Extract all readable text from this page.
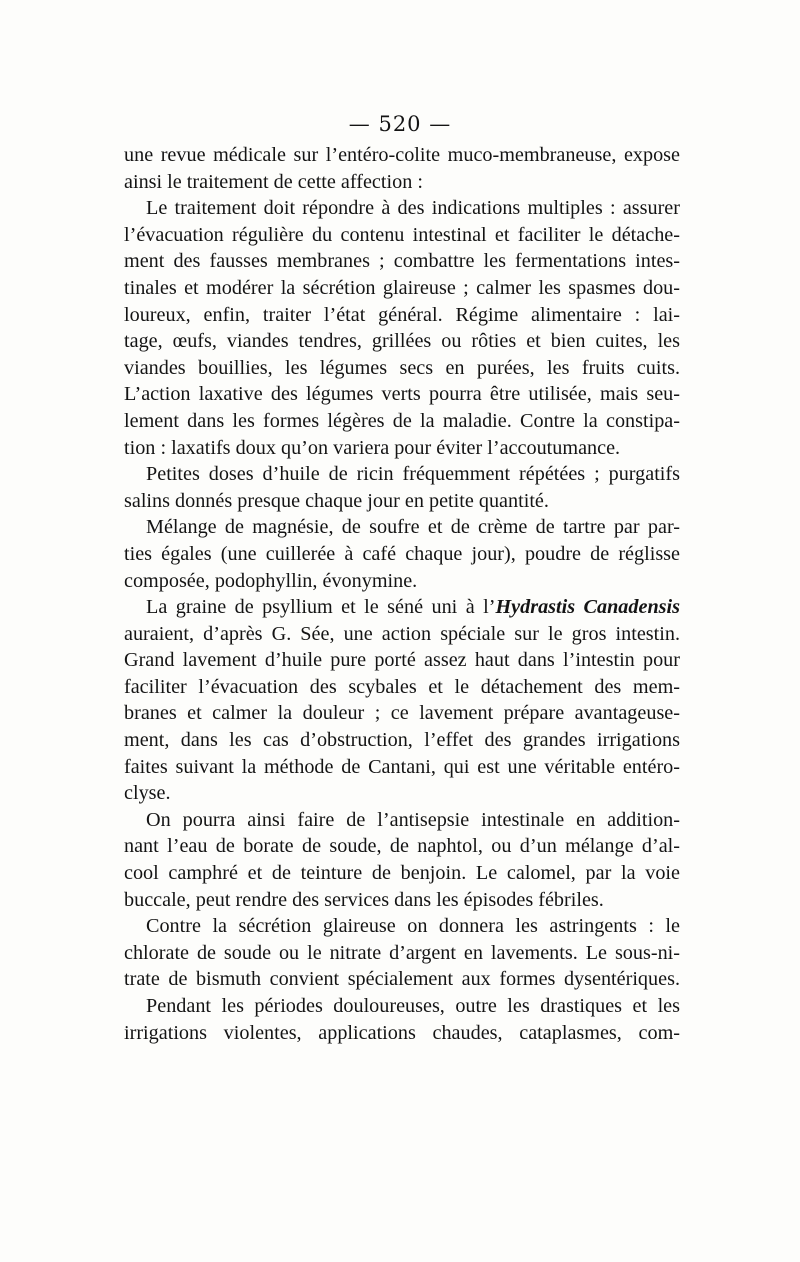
— 520 —
une revue médicale sur l’entéro-colite muco-membraneuse, expose
ainsi le traitement de cette affection :
Le traitement doit répondre à des indications multiples : assurer
l’évacuation régulière du contenu intestinal et faciliter le détache-
ment des fausses membranes ; combattre les fermentations intes-
tinales et modérer la sécrétion glaireuse ; calmer les spasmes dou-
loureux, enfin, traiter l’état général. Régime alimentaire : lai-
tage, œufs, viandes tendres, grillées ou rôties et bien cuites, les
viandes bouillies, les légumes secs en purées, les fruits cuits.
L’action laxative des légumes verts pourra être utilisée, mais seu-
lement dans les formes légères de la maladie. Contre la constipa-
tion : laxatifs doux qu’on variera pour éviter l’accoutumance.
Petites doses d’huile de ricin fréquemment répétées ; purgatifs
salins donnés presque chaque jour en petite quantité.
Mélange de magnésie, de soufre et de crème de tartre par par-
ties égales (une cuillerée à café chaque jour), poudre de réglisse
composée, podophyllin, évonymine.
La graine de psyllium et le séné uni à l’Hydrastis Canadensis
auraient, d’après G. Sée, une action spéciale sur le gros intestin.
Grand lavement d’huile pure porté assez haut dans l’intestin pour
faciliter l’évacuation des scybales et le détachement des mem-
branes et calmer la douleur ; ce lavement prépare avantageuse-
ment, dans les cas d’obstruction, l’effet des grandes irrigations
faites suivant la méthode de Cantani, qui est une véritable entéro-
clyse.
On pourra ainsi faire de l’antisepsie intestinale en addition-
nant l’eau de borate de soude, de naphtol, ou d’un mélange d’al-
cool camphré et de teinture de benjoin. Le calomel, par la voie
buccale, peut rendre des services dans les épisodes fébriles.
Contre la sécrétion glaireuse on donnera les astringents : le
chlorate de soude ou le nitrate d’argent en lavements. Le sous-ni-
trate de bismuth convient spécialement aux formes dysentériques.
Pendant les périodes douloureuses, outre les drastiques et les
irrigations violentes, applications chaudes, cataplasmes, com-
